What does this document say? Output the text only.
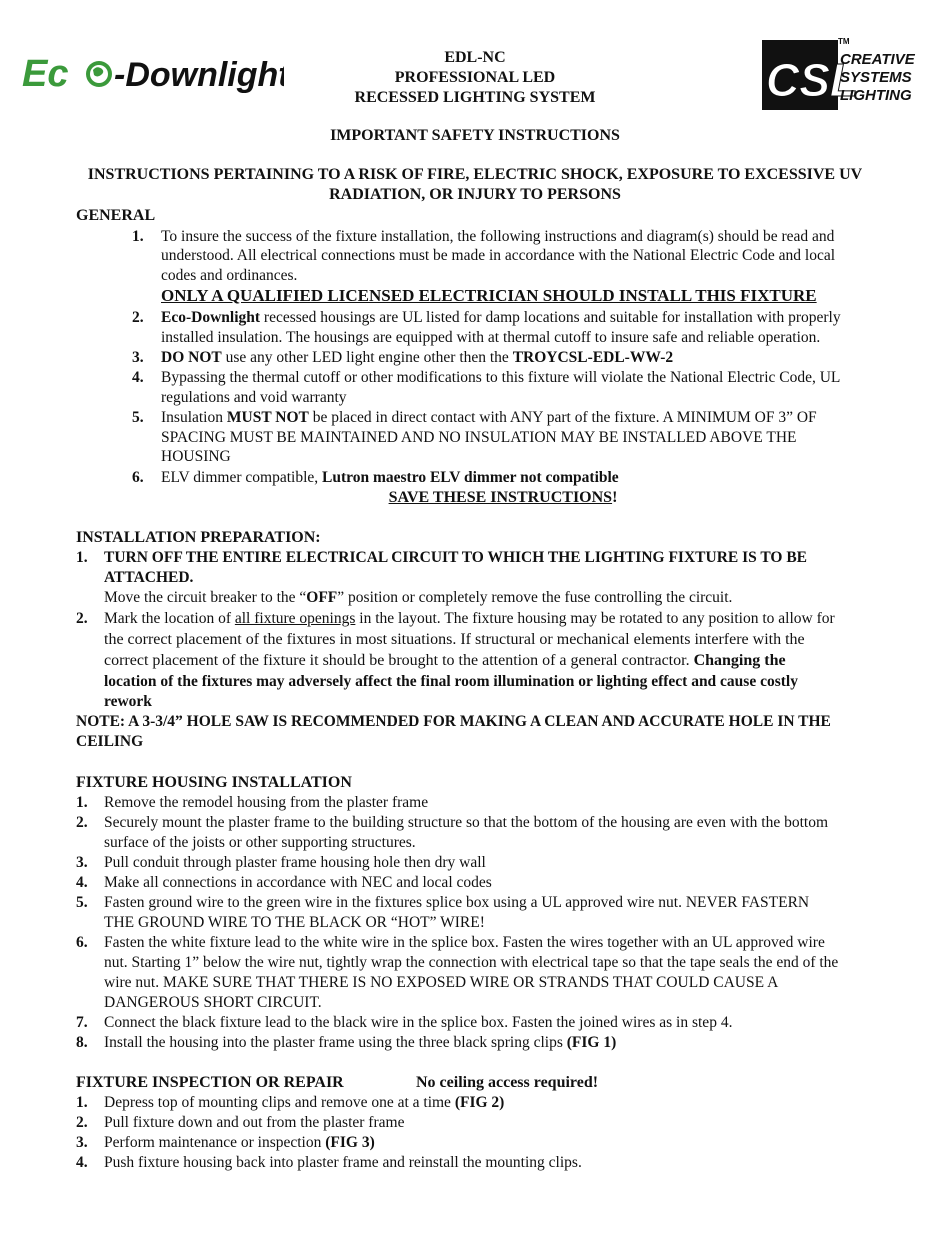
Ec -Downlight	EDL-NC
PROFESSIONAL LED
RECESSED LIGHTING SYSTEM	CSL
TM
CREATIVE
SYSTEMS
LIGHTING
IMPORTANT SAFETY INSTRUCTIONS
INSTRUCTIONS PERTAINING TO A RISK OF FIRE, ELECTRIC SHOCK, EXPOSURE TO EXCESSIVE UV
RADIATION, OR INJURY TO PERSONS
GENERAL
1. To insure the success of the fixture installation, the following instructions and diagram(s) should be read and
understood. All electrical connections must be made in accordance with the National Electric Code and local
codes and ordinances.
ONLY A QUALIFIED LICENSED ELECTRICIAN SHOULD INSTALL THIS FIXTURE
2. Eco-Downlight recessed housings are UL listed for damp locations and suitable for installation with properly
installed insulation. The housings are equipped with at thermal cutoff to insure safe and reliable operation.
3. DO NOT use any other LED light engine other then the TROYCSL-EDL-WW-2
4. Bypassing the thermal cutoff or other modifications to this fixture will violate the National Electric Code, UL
regulations and void warranty
5. Insulation MUST NOT be placed in direct contact with ANY part of the fixture. A MINIMUM OF 3” OF
SPACING MUST BE MAINTAINED AND NO INSULATION MAY BE INSTALLED ABOVE THE
HOUSING
6. ELV dimmer compatible, Lutron maestro ELV dimmer not compatible
SAVE THESE INSTRUCTIONS!
INSTALLATION PREPARATION:
1. TURN OFF THE ENTIRE ELECTRICAL CIRCUIT TO WHICH THE LIGHTING FIXTURE IS TO BE
ATTACHED.
Move the circuit breaker to the “OFF” position or completely remove the fuse controlling the circuit.
2. Mark the location of all fixture openings in the layout. The fixture housing may be rotated to any position to allow for
the correct placement of the fixtures in most situations. If structural or mechanical elements interfere with the
correct placement of the fixture it should be brought to the attention of a general contractor. Changing the
location of the fixtures may adversely affect the final room illumination or lighting effect and cause costly
rework
NOTE: A 3-3/4” HOLE SAW IS RECOMMENDED FOR MAKING A CLEAN AND ACCURATE HOLE IN THE
CEILING
FIXTURE HOUSING INSTALLATION
1. Remove the remodel housing from the plaster frame
2. Securely mount the plaster frame to the building structure so that the bottom of the housing are even with the bottom
surface of the joists or other supporting structures.
3. Pull conduit through plaster frame housing hole then dry wall
4. Make all connections in accordance with NEC and local codes
5. Fasten ground wire to the green wire in the fixtures splice box using a UL approved wire nut. NEVER FASTERN
THE GROUND WIRE TO THE BLACK OR “HOT” WIRE!
6. Fasten the white fixture lead to the white wire in the splice box. Fasten the wires together with an UL approved wire
nut. Starting 1” below the wire nut, tightly wrap the connection with electrical tape so that the tape seals the end of the
wire nut. MAKE SURE THAT THERE IS NO EXPOSED WIRE OR STRANDS THAT COULD CAUSE A
DANGEROUS SHORT CIRCUIT.
7. Connect the black fixture lead to the black wire in the splice box. Fasten the joined wires as in step 4.
8. Install the housing into the plaster frame using the three black spring clips (FIG 1)
FIXTURE INSPECTION OR REPAIR	No ceiling access required!
1. Depress top of mounting clips and remove one at a time (FIG 2)
2. Pull fixture down and out from the plaster frame
3. Perform maintenance or inspection (FIG 3)
4. Push fixture housing back into plaster frame and reinstall the mounting clips.
